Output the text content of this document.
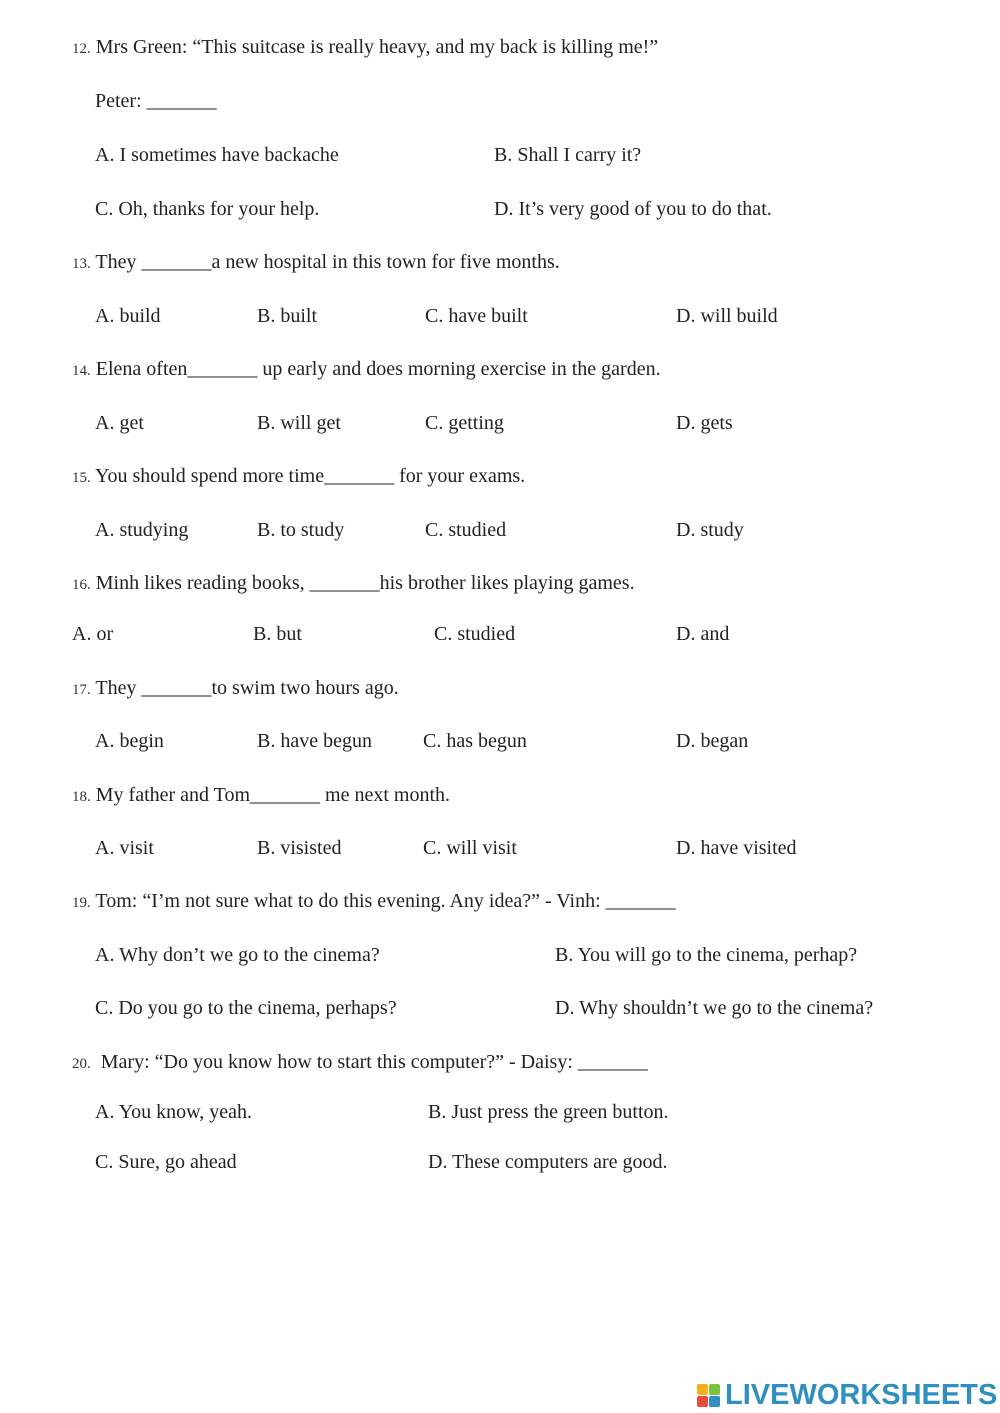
12. Mrs Green: “This suitcase is really heavy, and my back is killing me!”
Peter: _______
A. I sometimes have backache	B. Shall I carry it?
C. Oh, thanks for your help.	D. It’s very good of you to do that.
13. They _______a new hospital in this town for five months.
A. build	B. built	C. have built	D. will build
14. Elena often_______ up early and does morning exercise in the garden.
A. get	B. will get	C. getting	D. gets
15. You should spend more time_______ for your exams.
A. studying	B. to study	C. studied	D. study
16. Minh likes reading books, _______his brother likes playing games.
A. or	B. but	C. studied	D. and
17. They _______to swim two hours ago.
A. begin	B. have begun	C. has begun	D. began
18. My father and Tom_______ me next month.
A. visit	B. visisted	C. will visit	D. have visited
19. Tom: “I’m not sure what to do this evening. Any idea?” - Vinh: _______
A. Why don’t we go to the cinema?	B. You will go to the cinema, perhap?
C. Do you go to the cinema, perhaps?	D. Why shouldn’t we go to the cinema?
20. Mary: “Do you know how to start this computer?” - Daisy: _______
A. You know, yeah.	B. Just press the green button.
C. Sure, go ahead	D. These computers are good.
LIVEWORKSHEETS
